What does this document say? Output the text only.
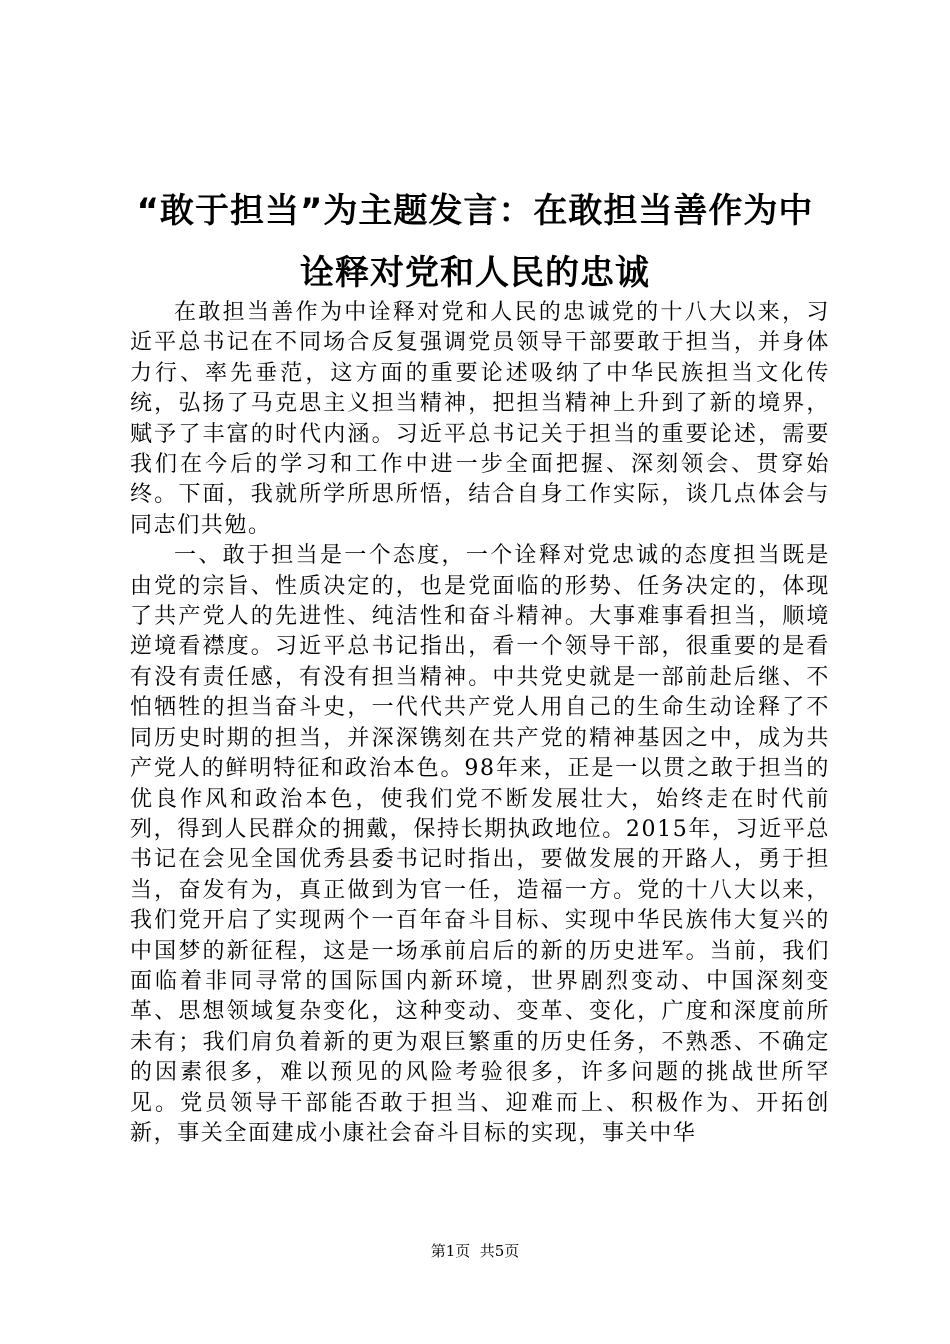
“敢于担当”为主题发言：在敢担当善作为中
诠释对党和人民的忠诚

在敢担当善作为中诠释对党和人民的忠诚党的十八大以来，习近平总书记在不同场合反复强调党员领导干部要敢于担当，并身体力行、率先垂范，这方面的重要论述吸纳了中华民族担当文化传统，弘扬了马克思主义担当精神，把担当精神上升到了新的境界，赋予了丰富的时代内涵。习近平总书记关于担当的重要论述，需要我们在今后的学习和工作中进一步全面把握、深刻领会、贯穿始终。下面，我就所学所思所悟，结合自身工作实际，谈几点体会与同志们共勉。

一、敢于担当是一个态度，一个诠释对党忠诚的态度担当既是由党的宗旨、性质决定的，也是党面临的形势、任务决定的，体现了共产党人的先进性、纯洁性和奋斗精神。大事难事看担当，顺境逆境看襟度。习近平总书记指出，看一个领导干部，很重要的是看有没有责任感，有没有担当精神。中共党史就是一部前赴后继、不怕牺牲的担当奋斗史，一代代共产党人用自己的生命生动诠释了不同历史时期的担当，并深深镌刻在共产党的精神基因之中，成为共产党人的鲜明特征和政治本色。98年来，正是一以贯之敢于担当的优良作风和政治本色，使我们党不断发展壮大，始终走在时代前列，得到人民群众的拥戴，保持长期执政地位。2015年，习近平总书记在会见全国优秀县委书记时指出，要做发展的开路人，勇于担当，奋发有为，真正做到为官一任，造福一方。党的十八大以来，我们党开启了实现两个一百年奋斗目标、实现中华民族伟大复兴的中国梦的新征程，这是一场承前启后的新的历史进军。当前，我们面临着非同寻常的国际国内新环境，世界剧烈变动、中国深刻变革、思想领域复杂变化，这种变动、变革、变化，广度和深度前所未有；我们肩负着新的更为艰巨繁重的历史任务，不熟悉、不确定的因素很多，难以预见的风险考验很多，许多问题的挑战世所罕见。党员领导干部能否敢于担当、迎难而上、积极作为、开拓创新，事关全面建成小康社会奋斗目标的实现，事关中华

第1页  共5页
